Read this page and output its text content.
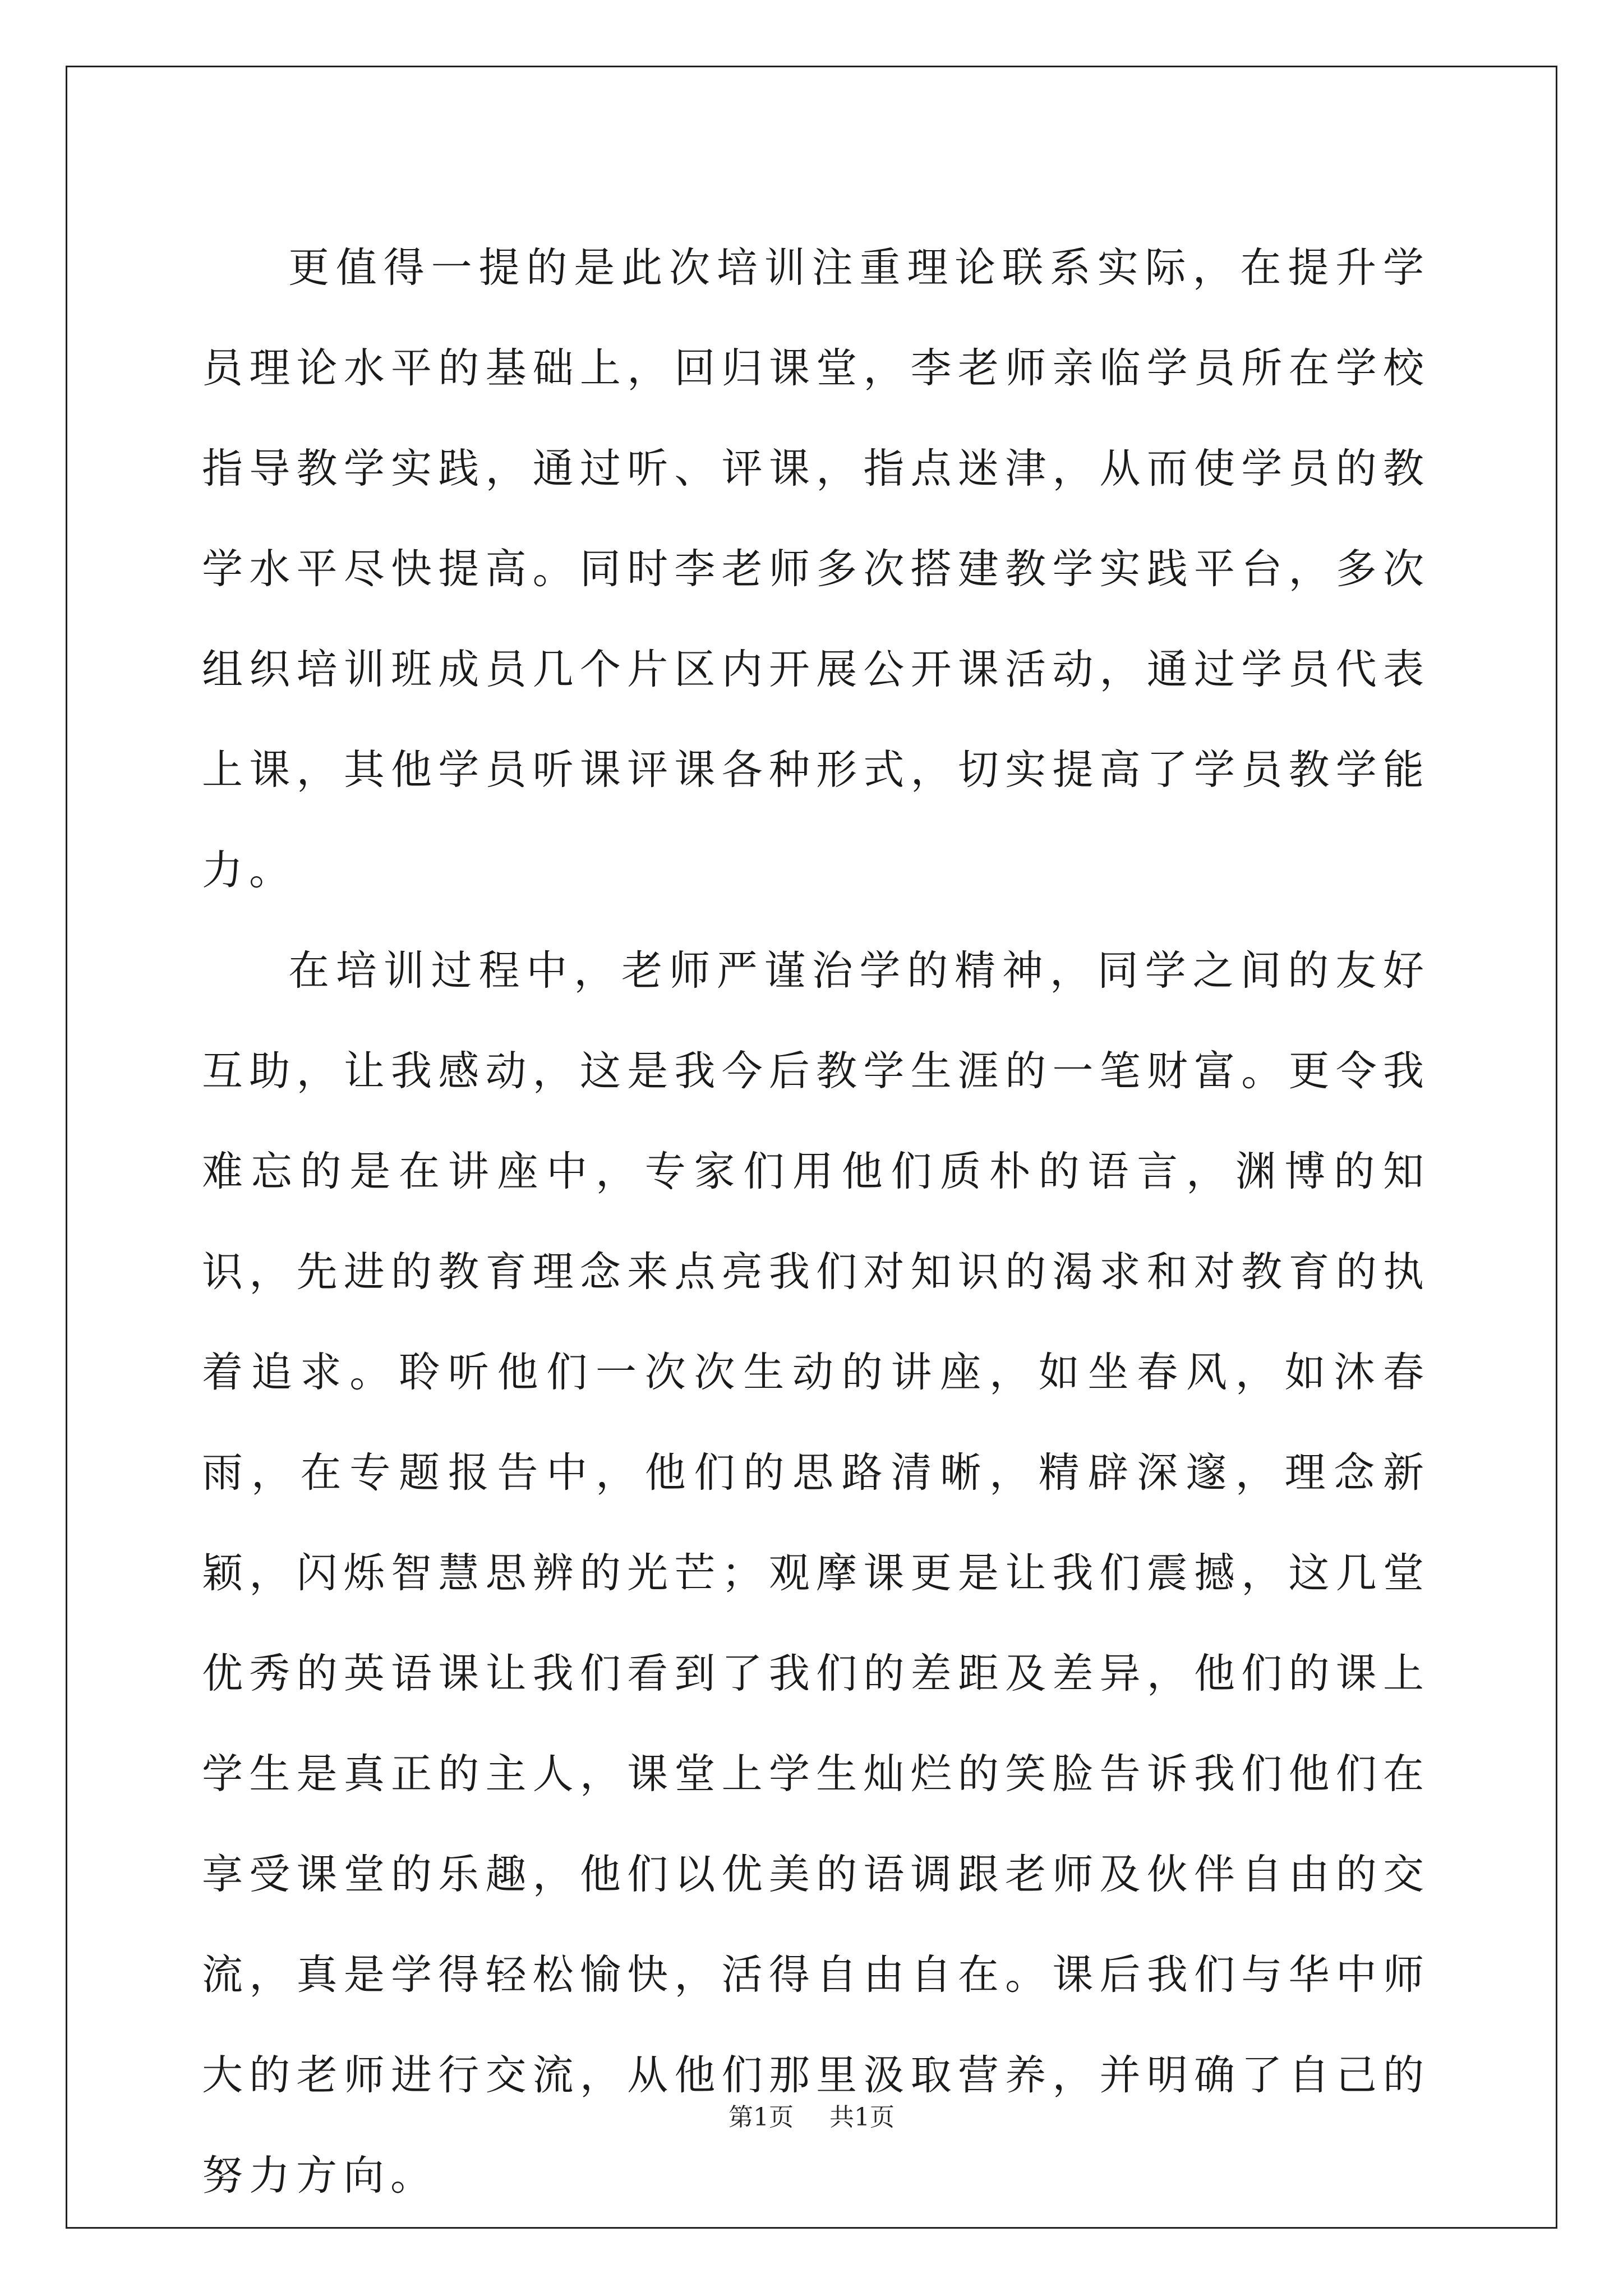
更值得一提的是此次培训注重理论联系实际，在提升学员理论水平的基础上，回归课堂，李老师亲临学员所在学校指导教学实践，通过听、评课，指点迷津，从而使学员的教学水平尽快提高。同时李老师多次搭建教学实践平台，多次组织培训班成员几个片区内开展公开课活动，通过学员代表上课，其他学员听课评课各种形式，切实提高了学员教学能力。

在培训过程中，老师严谨治学的精神，同学之间的友好互助，让我感动，这是我今后教学生涯的一笔财富。更令我难忘的是在讲座中，专家们用他们质朴的语言，渊博的知识，先进的教育理念来点亮我们对知识的渴求和对教育的执着追求。聆听他们一次次生动的讲座，如坐春风，如沐春雨，在专题报告中，他们的思路清晰，精辟深邃，理念新颖，闪烁智慧思辨的光芒；观摩课更是让我们震撼，这几堂优秀的英语课让我们看到了我们的差距及差异，他们的课上学生是真正的主人，课堂上学生灿烂的笑脸告诉我们他们在享受课堂的乐趣，他们以优美的语调跟老师及伙伴自由的交流，真是学得轻松愉快，活得自由自在。课后我们与华中师大的老师进行交流，从他们那里汲取营养，并明确了自己的努力方向。

第1页 共1页
